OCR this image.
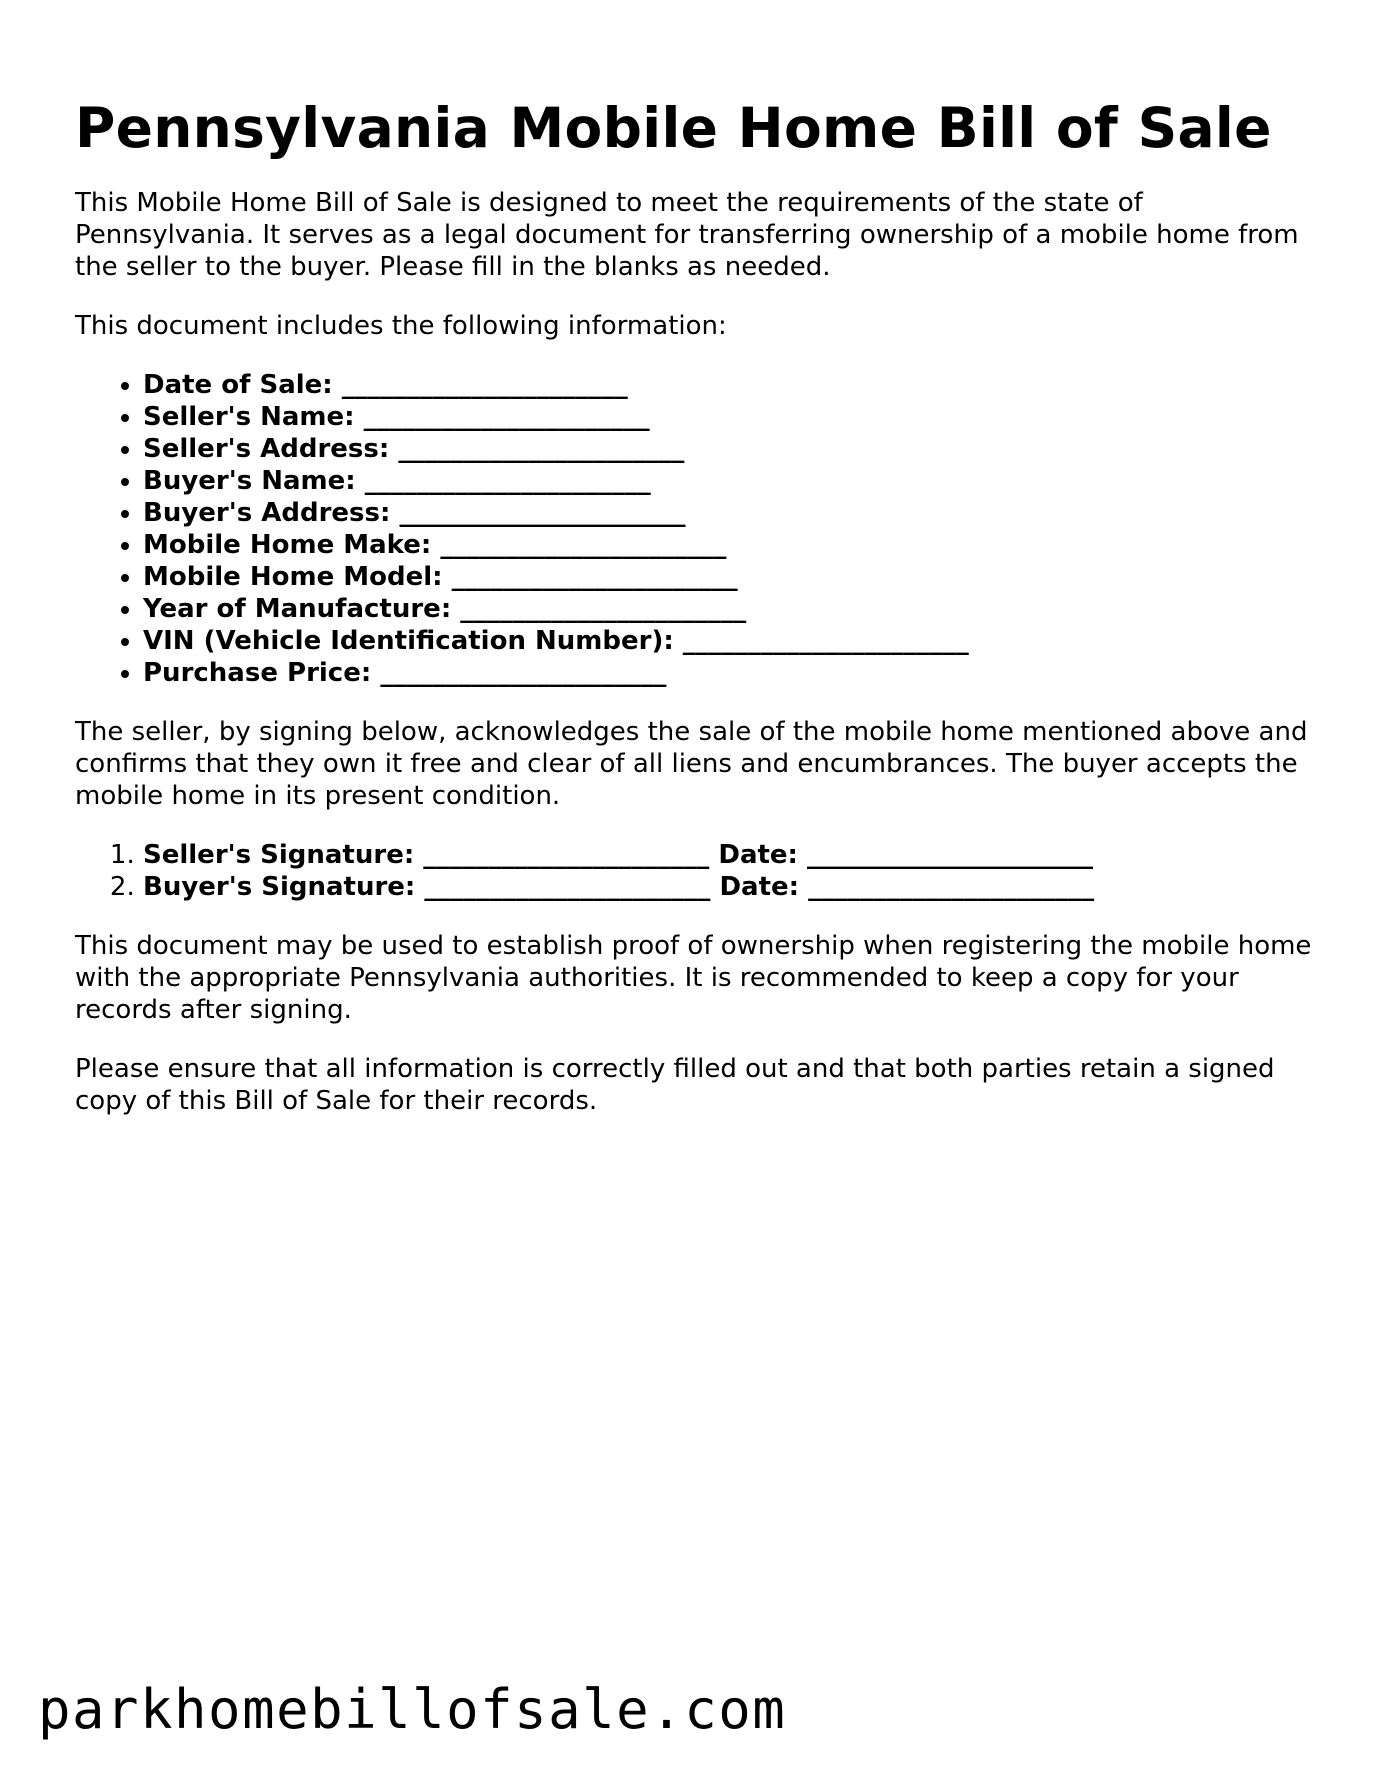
Pennsylvania Mobile Home Bill of Sale

This Mobile Home Bill of Sale is designed to meet the requirements of the state of Pennsylvania. It serves as a legal document for transferring ownership of a mobile home from the seller to the buyer. Please fill in the blanks as needed.

This document includes the following information:

• Date of Sale: ______________________
• Seller's Name: ______________________
• Seller's Address: ______________________
• Buyer's Name: ______________________
• Buyer's Address: ______________________
• Mobile Home Make: ______________________
• Mobile Home Model: ______________________
• Year of Manufacture: ______________________
• VIN (Vehicle Identification Number): ______________________
• Purchase Price: ______________________

The seller, by signing below, acknowledges the sale of the mobile home mentioned above and confirms that they own it free and clear of all liens and encumbrances. The buyer accepts the mobile home in its present condition.

1. Seller's Signature: ______________________ Date: ______________________
2. Buyer's Signature: ______________________ Date: ______________________

This document may be used to establish proof of ownership when registering the mobile home with the appropriate Pennsylvania authorities. It is recommended to keep a copy for your records after signing.

Please ensure that all information is correctly filled out and that both parties retain a signed copy of this Bill of Sale for their records.

parkhomebillofsale.com
